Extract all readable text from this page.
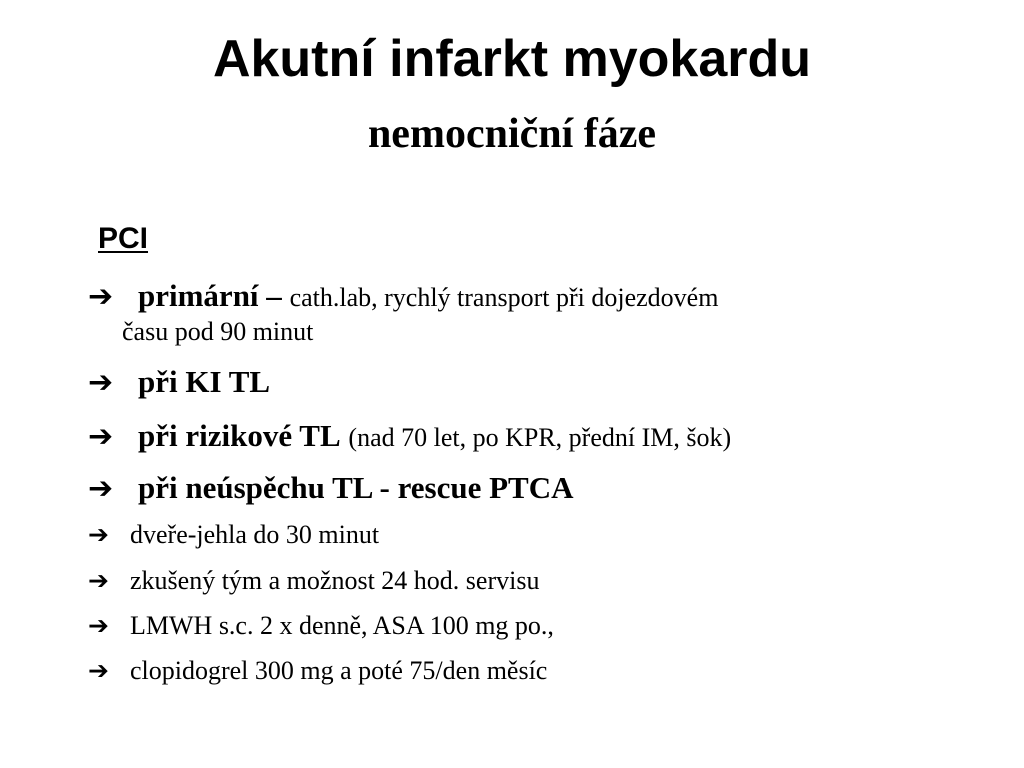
Akutní infarkt myokardu
nemocniční fáze
PCI
➔ primární – cath.lab, rychlý transport při dojezdovém
času pod 90 minut
➔ při KI TL
➔ při rizikové TL (nad 70 let, po KPR, přední IM, šok)
➔ při neúspěchu TL - rescue PTCA
➔ dveře-jehla do 30 minut
➔ zkušený tým a možnost 24 hod. servisu
➔ LMWH s.c. 2 x denně, ASA 100 mg po.,
➔ clopidogrel 300 mg a poté 75/den měsíc
